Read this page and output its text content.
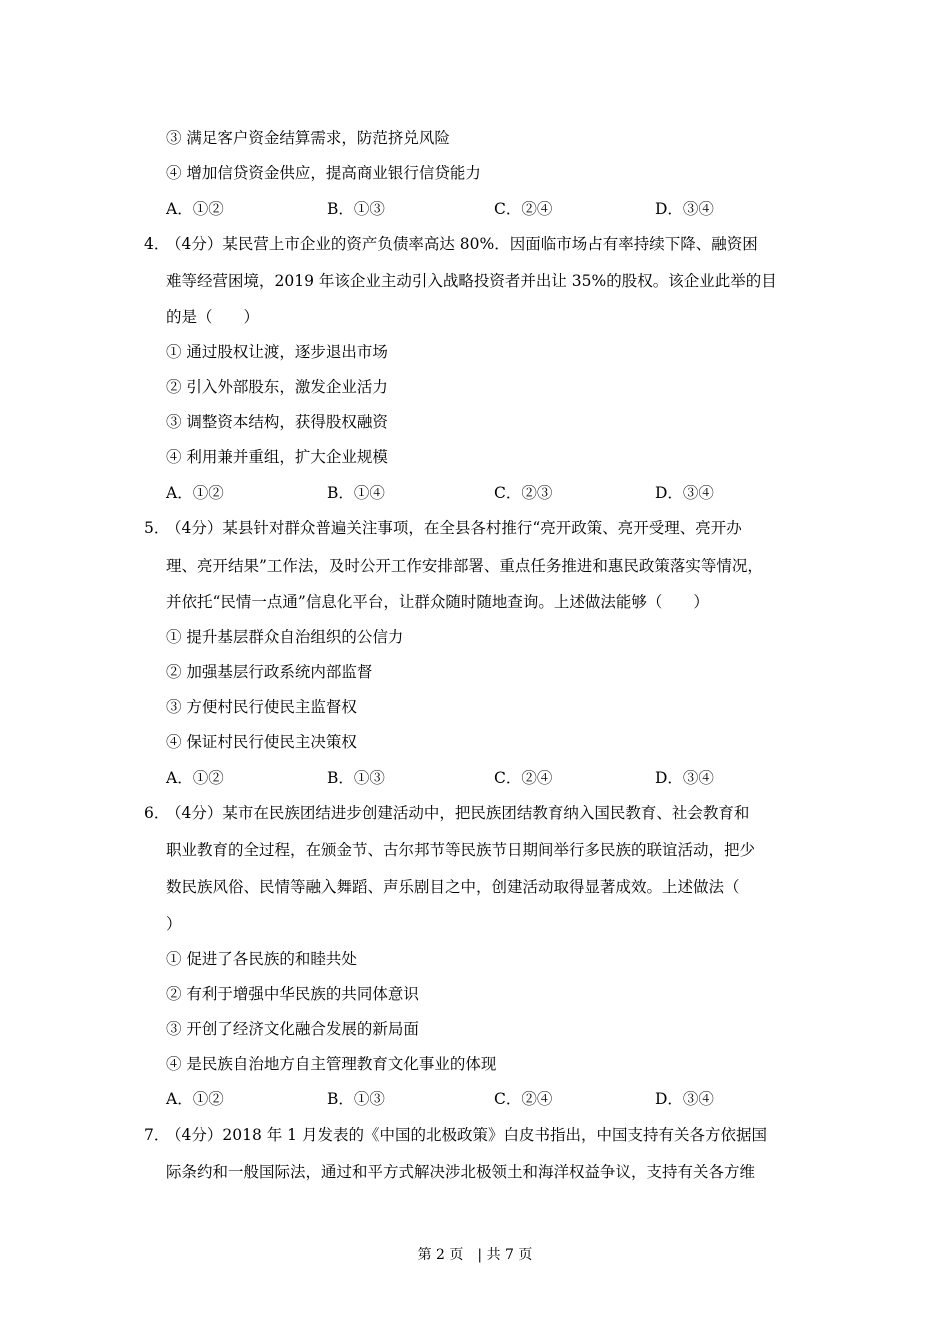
③ 满足客户资金结算需求，防范挤兑风险
④ 增加信贷资金供应，提高商业银行信贷能力
A．①②	B．①③	C．②④	D．③④
4．
（4分）某民营上市企业的资产负债率高达 80%．因面临市场占有率持续下降、融资困
难等经营困境，2019 年该企业主动引入战略投资者并出让 35%的股权。该企业此举的目
的是（　　）
① 通过股权让渡，逐步退出市场
② 引入外部股东，激发企业活力
③ 调整资本结构，获得股权融资
④ 利用兼并重组，扩大企业规模
A．①②	B．①④	C．②③	D．③④
5．
（4分）某县针对群众普遍关注事项，在全县各村推行“亮开政策、亮开受理、亮开办
理、亮开结果”工作法，及时公开工作安排部署、重点任务推进和惠民政策落实等情况，
并依托“民情一点通”信息化平台，让群众随时随地查询。上述做法能够（　　）
① 提升基层群众自治组织的公信力
② 加强基层行政系统内部监督
③ 方便村民行使民主监督权
④ 保证村民行使民主决策权
A．①②	B．①③	C．②④	D．③④
6．
（4分）某市在民族团结进步创建活动中，把民族团结教育纳入国民教育、社会教育和
职业教育的全过程，在颁金节、古尔邦节等民族节日期间举行多民族的联谊活动，把少
数民族风俗、民情等融入舞蹈、声乐剧目之中，创建活动取得显著成效。上述做法（
）
① 促进了各民族的和睦共处
② 有利于增强中华民族的共同体意识
③ 开创了经济文化融合发展的新局面
④ 是民族自治地方自主管理教育文化事业的体现
A．①②	B．①③	C．②④	D．③④
7．
（4分）2018 年 1 月发表的《中国的北极政策》白皮书指出，中国支持有关各方依据国
际条约和一般国际法，通过和平方式解决涉北极领土和海洋权益争议，支持有关各方维
第 2 页　| 共 7 页
